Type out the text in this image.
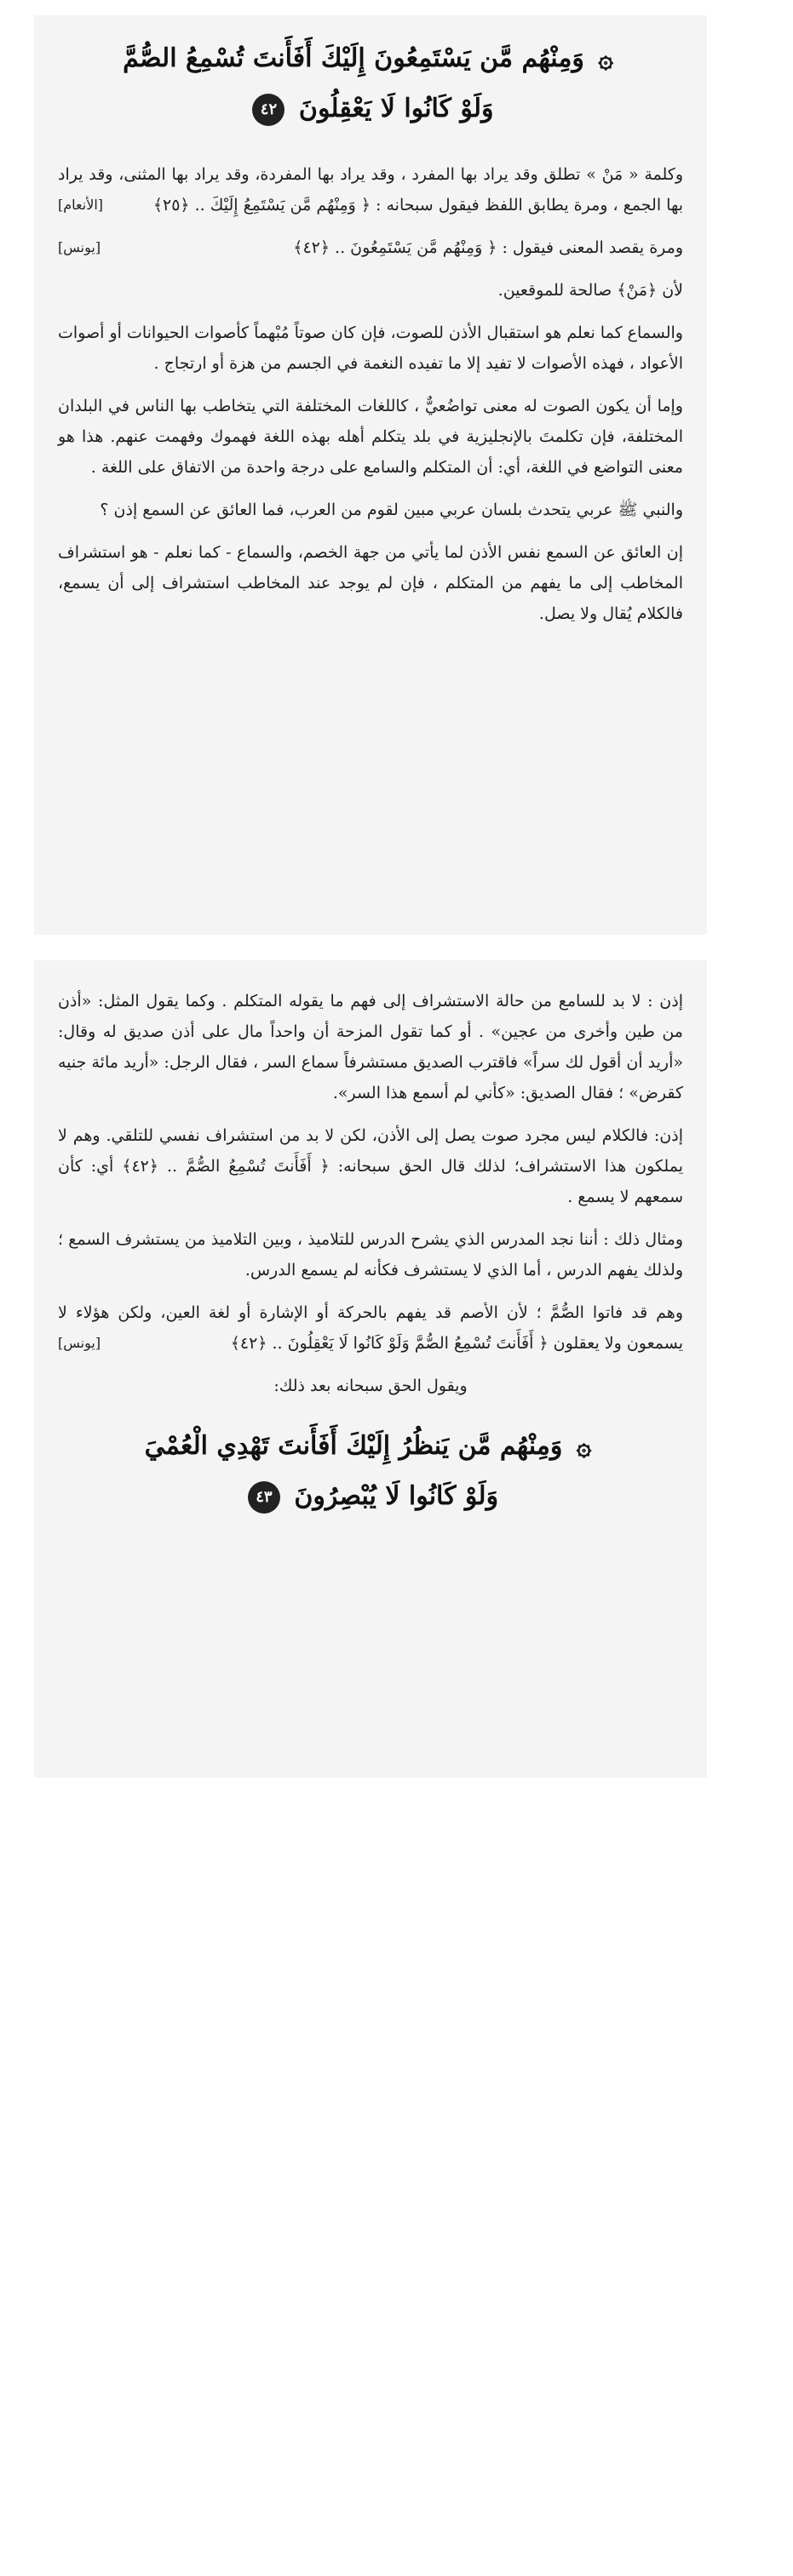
۞ وَمِنْهُم مَّن يَسْتَمِعُونَ إِلَيْكَ أَفَأَنتَ تُسْمِعُ الصُّمَّ
وَلَوْ كَانُوا لَا يَعْقِلُونَ ٤٢

وكلمة « مَنْ » تطلق وقد يراد بها المفرد ، وقد يراد بها المفردة، وقد يراد بها المثنى، وقد يراد بها الجمع ، ومرة يطابق اللفظ فيقول سبحانه : ﴿ وَمِنْهُم مَّن يَسْتَمِعُ إِلَيْكَ .. ﴿٢٥﴾
[الأنعام]

ومرة يقصد المعنى فيقول : ﴿ وَمِنْهُم مَّن يَسْتَمِعُونَ .. ﴿٤٢﴾
[يونس]

لأن ﴿مَنْ﴾ صالحة للموقعين.

والسماع كما نعلم هو استقبال الأذن للصوت، فإن كان صوتاً مُبْهماً كأصوات الحيوانات أو أصوات الأعواد ، فهذه الأصوات لا تفيد إلا ما تفيده النغمة في الجسم من هزة أو ارتجاج .

وإما أن يكون الصوت له معنى تواضُعيٌّ ، كاللغات المختلفة التي يتخاطب بها الناس في البلدان المختلفة، فإن تكلمتَ بالإنجليزية في بلد يتكلم أهله بهذه اللغة فهموك وفهمت عنهم. هذا هو معنى التواضع في اللغة، أي: أن المتكلم والسامع على درجة واحدة من الاتفاق على اللغة .

والنبي ﷺ عربي يتحدث بلسان عربي مبين لقوم من العرب، فما العائق عن السمع إذن ؟

إن العائق عن السمع نفس الأذن لما يأتي من جهة الخصم، والسماع - كما نعلم - هو استشراف المخاطب إلى ما يفهم من المتكلم ، فإن لم يوجد عند المخاطب استشراف إلى أن يسمع، فالكلام يُقال ولا يصل.

إذن : لا بد للسامع من حالة الاستشراف إلى فهم ما يقوله المتكلم . وكما يقول المثل: «أذن من طين وأخرى من عجين» . أو كما تقول المزحة أن واحداً مال على أذن صديق له وقال: «أريد أن أقول لك سراً» فاقترب الصديق مستشرفاً سماع السر ، فقال الرجل: «أريد مائة جنيه كقرض» ؛ فقال الصديق: «كأني لم أسمع هذا السر».

إذن: فالكلام ليس مجرد صوت يصل إلى الأذن، لكن لا بد من استشراف نفسي للتلقي. وهم لا يملكون هذا الاستشراف؛ لذلك قال الحق سبحانه: ﴿ أَفَأَنتَ تُسْمِعُ الصُّمَّ .. ﴿٤٢﴾ أي: كأن سمعهم لا يسمع .

ومثال ذلك : أننا نجد المدرس الذي يشرح الدرس للتلاميذ ، وبين التلاميذ من يستشرف السمع ؛ ولذلك يفهم الدرس ، أما الذي لا يستشرف فكأنه لم يسمع الدرس.

وهم قد فاتوا الصُّمَّ ؛ لأن الأصم قد يفهم بالحركة أو الإشارة أو لغة العين، ولكن هؤلاء لا يسمعون ولا يعقلون ﴿ أَفَأَنتَ تُسْمِعُ الصُّمَّ وَلَوْ كَانُوا لَا يَعْقِلُونَ .. ﴿٤٢﴾
[يونس]

ويقول الحق سبحانه بعد ذلك:

۞ وَمِنْهُم مَّن يَنظُرُ إِلَيْكَ أَفَأَنتَ تَهْدِي الْعُمْيَ
وَلَوْ كَانُوا لَا يُبْصِرُونَ ٤٣
